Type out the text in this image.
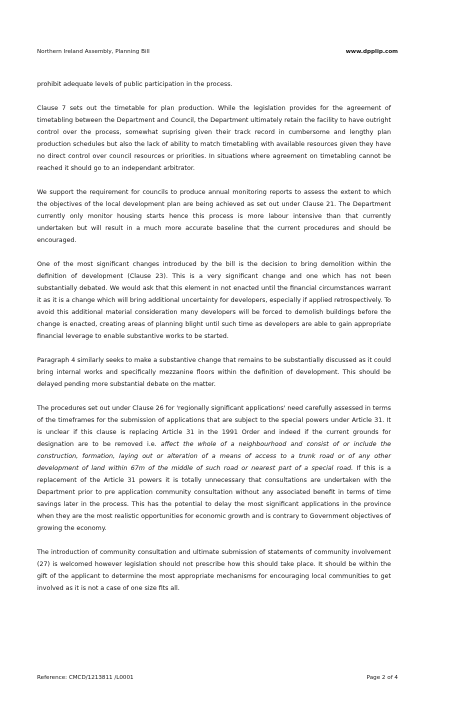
Northern Ireland Assembly, Planning Bill	www.dpplip.com

prohibit adequate levels of public participation in the process.

Clause 7 sets out the timetable for plan production. While the legislation provides for the agreement of timetabling between the Department and Council, the Department ultimately retain the facility to have outright control over the process, somewhat suprising given their track record in cumbersome and lengthy plan production schedules but also the lack of ability to match timetabling with available resources given they have no direct control over council resources or priorities. In situations where agreement on timetabling cannot be reached it should go to an independant arbitrator.

We support the requirement for councils to produce annual monitoring reports to assess the extent to which the objectives of the local development plan are being achieved as set out under Clause 21. The Department currently only monitor housing starts hence this process is more labour intensive than that currently undertaken but will result in a much more accurate baseline that the current procedures and should be encouraged.

One of the most significant changes introduced by the bill is the decision to bring demolition within the definition of development (Clause 23). This is a very significant change and one which has not been substantially debated. We would ask that this element in not enacted until the financial circumstances warrant it as it is a change which will bring additional uncertainty for developers, especially if applied retrospectively. To avoid this additional material consideration many developers will be forced to demolish buildings before the change is enacted, creating areas of planning blight until such time as developers are able to gain appropriate financial leverage to enable substantive works to be started.

Paragraph 4 similarly seeks to make a substantive change that remains to be substantially discussed as it could bring internal works and specifically mezzanine floors within the definition of development. This should be delayed pending more substantial debate on the matter.

The procedures set out under Clause 26 for 'regionally significant applications' need carefully assessed in terms of the timeframes for the submission of applications that are subject to the special powers under Article 31. It is unclear if this clause is replacing Article 31 in the 1991 Order and indeed if the current grounds for designation are to be removed i.e. affect the whole of a neighbourhood and consist of or include the construction, formation, laying out or alteration of a means of access to a trunk road or of any other development of land within 67m of the middle of such road or nearest part of a special road. If this is a replacement of the Article 31 powers it is totally unnecessary that consultations are undertaken with the Department prior to pre application community consultation without any associated benefit in terms of time savings later in the process. This has the potential to delay the most significant applications in the province when they are the most realistic opportunities for economic growth and is contrary to Government objectives of growing the economy.

The introduction of community consultation and ultimate submission of statements of community involvement (27) is welcomed however legislation should not prescribe how this should take place. It should be within the gift of the applicant to determine the most appropriate mechanisms for encouraging local communities to get involved as it is not a case of one size fits all.

Reference: CMCD/1213811 /L0001	Page 2 of 4
